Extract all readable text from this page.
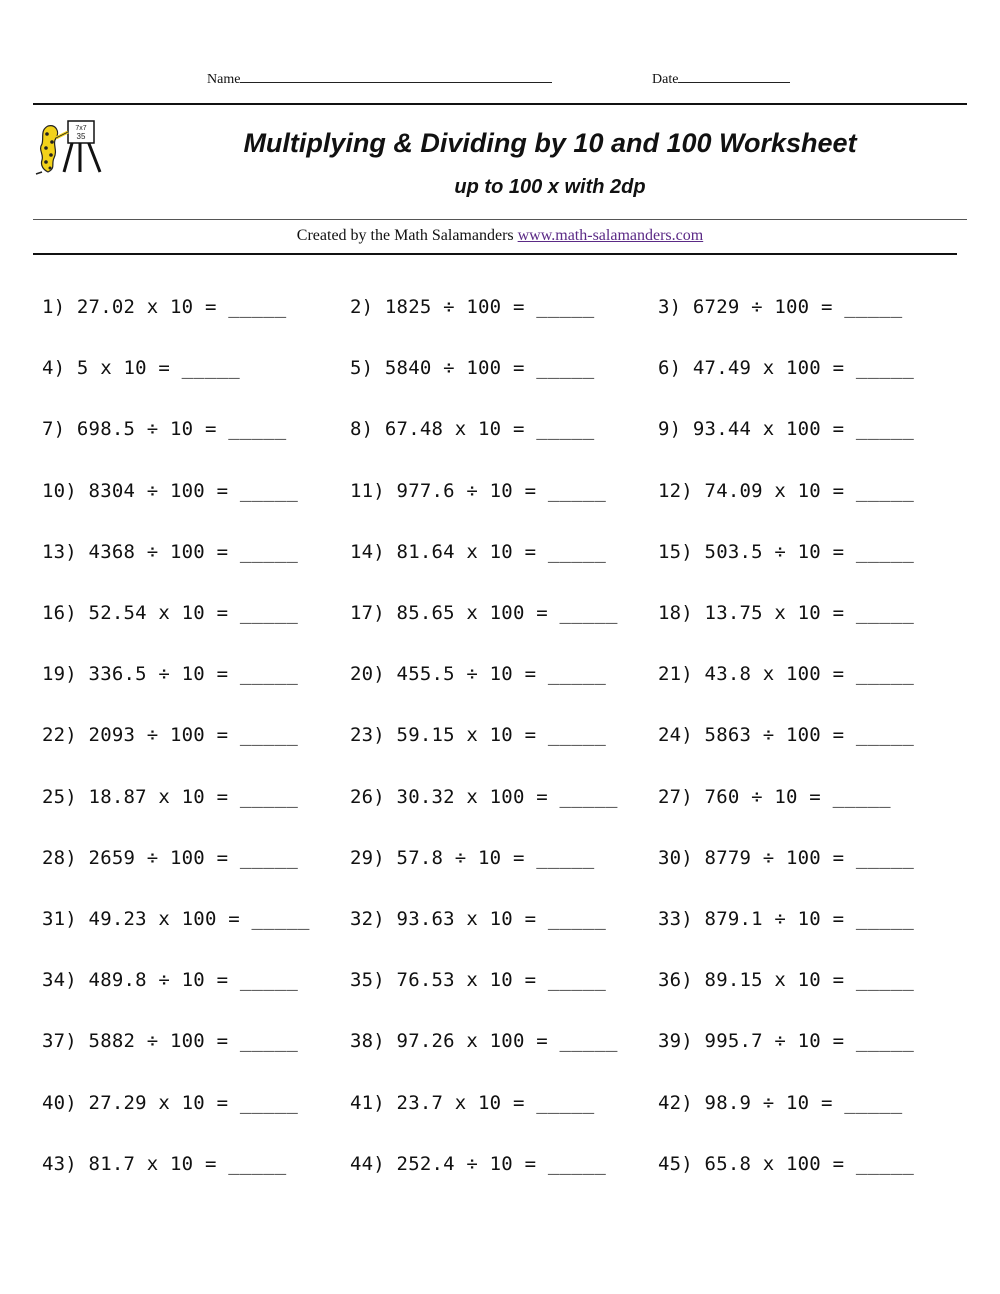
Name	Date
7x7
35	Multiplying & Dividing by 10 and 100 Worksheet
up to 100 x with 2dp
Created by the Math Salamanders www.math-salamanders.com
1) 27.02 x 10 = _____	2) 1825 ÷ 100 = _____	3) 6729 ÷ 100 = _____
4) 5 x 10 = _____	5) 5840 ÷ 100 = _____	6) 47.49 x 100 = _____
7) 698.5 ÷ 10 = _____	8) 67.48 x 10 = _____	9) 93.44 x 100 = _____
10) 8304 ÷ 100 = _____	11) 977.6 ÷ 10 = _____	12) 74.09 x 10 = _____
13) 4368 ÷ 100 = _____	14) 81.64 x 10 = _____	15) 503.5 ÷ 10 = _____
16) 52.54 x 10 = _____	17) 85.65 x 100 = _____ 18) 13.75 x 10 = _____
19) 336.5 ÷ 10 = _____	20) 455.5 ÷ 10 = _____	21) 43.8 x 100 = _____
22) 2093 ÷ 100 = _____	23) 59.15 x 10 = _____	24) 5863 ÷ 100 = _____
25) 18.87 x 10 = _____	26) 30.32 x 100 = _____ 27) 760 ÷ 10 = _____
28) 2659 ÷ 100 = _____	29) 57.8 ÷ 10 = _____	30) 8779 ÷ 100 = _____
31) 49.23 x 100 = _____ 32) 93.63 x 10 = _____	33) 879.1 ÷ 10 = _____
34) 489.8 ÷ 10 = _____	35) 76.53 x 10 = _____	36) 89.15 x 10 = _____
37) 5882 ÷ 100 = _____	38) 97.26 x 100 = _____ 39) 995.7 ÷ 10 = _____
40) 27.29 x 10 = _____	41) 23.7 x 10 = _____	42) 98.9 ÷ 10 = _____
43) 81.7 x 10 = _____	44) 252.4 ÷ 10 = _____	45) 65.8 x 100 = _____
